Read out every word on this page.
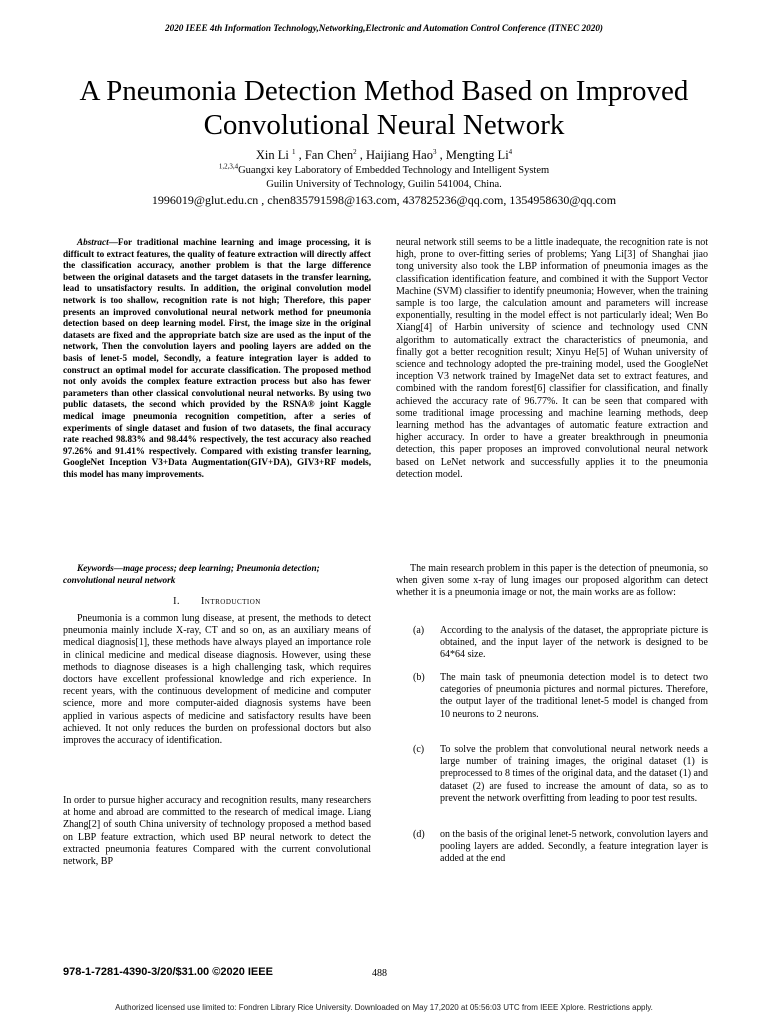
2020 IEEE 4th Information Technology,Networking,Electronic and Automation Control Conference (ITNEC 2020)
A Pneumonia Detection Method Based on Improved
Convolutional Neural Network
Xin Li $^1$ , Fan Chen$^2$ , Haijiang Hao$^3$ , Mengting Li$^4$
$^{1,2,3,4}$Guangxi key Laboratory of Embedded Technology and Intelligent System
Guilin University of Technology, Guilin 541004, China.
1996019@glut.edu.cn , chen835791598@163.com, 437825236@qq.com, 1354958630@qq.com
Abstract—For traditional machine learning and image processing, it is difficult to extract features, the quality of feature extraction will directly affect the classification accuracy, another problem is that the large difference between the original datasets and the target datasets in the transfer learning, lead to unsatisfactory results. In addition, the original convolution model network is too shallow, recognition rate is not high; Therefore, this paper presents an improved convolutional neural network method for pneumonia detection based on deep learning model. First, the image size in the original datasets are fixed and the appropriate batch size are used as the input of the network, Then the convolution layers and pooling layers are added on the basis of lenet-5 model, Secondly, a feature integration layer is added to construct an optimal model for accurate classification. The proposed method not only avoids the complex feature extraction process but also has fewer parameters than other classical convolutional neural networks. By using two public datasets, the second which provided by the RSNA® joint Kaggle medical image pneumonia recognition competition, after a series of experiments of single dataset and fusion of two datasets, the final accuracy rate reached 98.83% and 98.44% respectively, the test accuracy also reached 97.26% and 91.41% respectively. Compared with existing transfer learning, GoogleNet Inception V3+Data Augmentation(GIV+DA), GIV3+RF models, this model has many improvements.
Keywords—mage process; deep learning; Pneumonia detection; convolutional neural network
I. Introduction

Pneumonia is a common lung disease, at present, the methods to detect pneumonia mainly include X-ray, CT and so on, as an auxiliary means of medical diagnosis[1], these methods have always played an importance role in clinical medicine and medical disease diagnosis. However, using these methods to diagnose diseases is a high challenging task, which requires doctors have excellent professional knowledge and rich experience. In recent years, with the continuous development of medicine and computer science, more and more computer-aided diagnosis systems have been applied in various aspects of medicine and satisfactory results have been achieved. It not only reduces the burden on professional doctors but also improves the accuracy of identification.

In order to pursue higher accuracy and recognition results, many researchers at home and abroad are committed to the research of medical image. Liang Zhang[2] of south China university of technology proposed a method based on LBP feature extraction, which used BP neural network to detect the extracted pneumonia features Compared with the current convolutional network, BP

neural network still seems to be a little inadequate, the recognition rate is not high, prone to over-fitting series of problems; Yang Li[3] of Shanghai jiao tong university also took the LBP information of pneumonia images as the classification identification feature, and combined it with the Support Vector Machine (SVM) classifier to identify pneumonia; However, when the training sample is too large, the calculation amount and parameters will increase exponentially, resulting in the model effect is not particularly ideal; Wen Bo Xiang[4] of Harbin university of science and technology used CNN algorithm to automatically extract the characteristics of pneumonia, and finally got a better recognition result; Xinyu He[5] of Wuhan university of science and technology adopted the pre-training model, used the GoogleNet inception V3 network trained by ImageNet data set to extract features, and combined with the random forest[6] classifier for classification, and finally achieved the accuracy rate of 96.77%. It can be seen that compared with some traditional image processing and machine learning methods, deep learning method has the advantages of automatic feature extraction and higher accuracy. In order to have a greater breakthrough in pneumonia detection, this paper proposes an improved convolutional neural network based on LeNet network and successfully applies it to the pneumonia detection model.

The main research problem in this paper is the detection of pneumonia, so when given some x-ray of lung images our proposed algorithm can detect whether it is a pneumonia image or not, the main works are as follow:

(a)	According to the analysis of the dataset, the appropriate picture is obtained, and the input layer of the network is designed to be 64*64 size.
(b)	The main task of pneumonia detection model is to detect two categories of pneumonia pictures and normal pictures. Therefore, the output layer of the traditional lenet-5 model is changed from 10 neurons to 2 neurons.
(c)	To solve the problem that convolutional neural network needs a large number of training images, the original dataset (1) is preprocessed to 8 times of the original data, and the dataset (1) and dataset (2) are fused to increase the amount of data, so as to prevent the network overfitting from leading to poor test results.
(d)	on the basis of the original lenet-5 network, convolution layers and pooling layers are added. Secondly, a feature integration layer is added at the end
978-1-7281-4390-3/20/$31.00 ©2020 IEEE	488
Authorized licensed use limited to: Fondren Library Rice University. Downloaded on May 17,2020 at 05:56:03 UTC from IEEE Xplore. Restrictions apply.
